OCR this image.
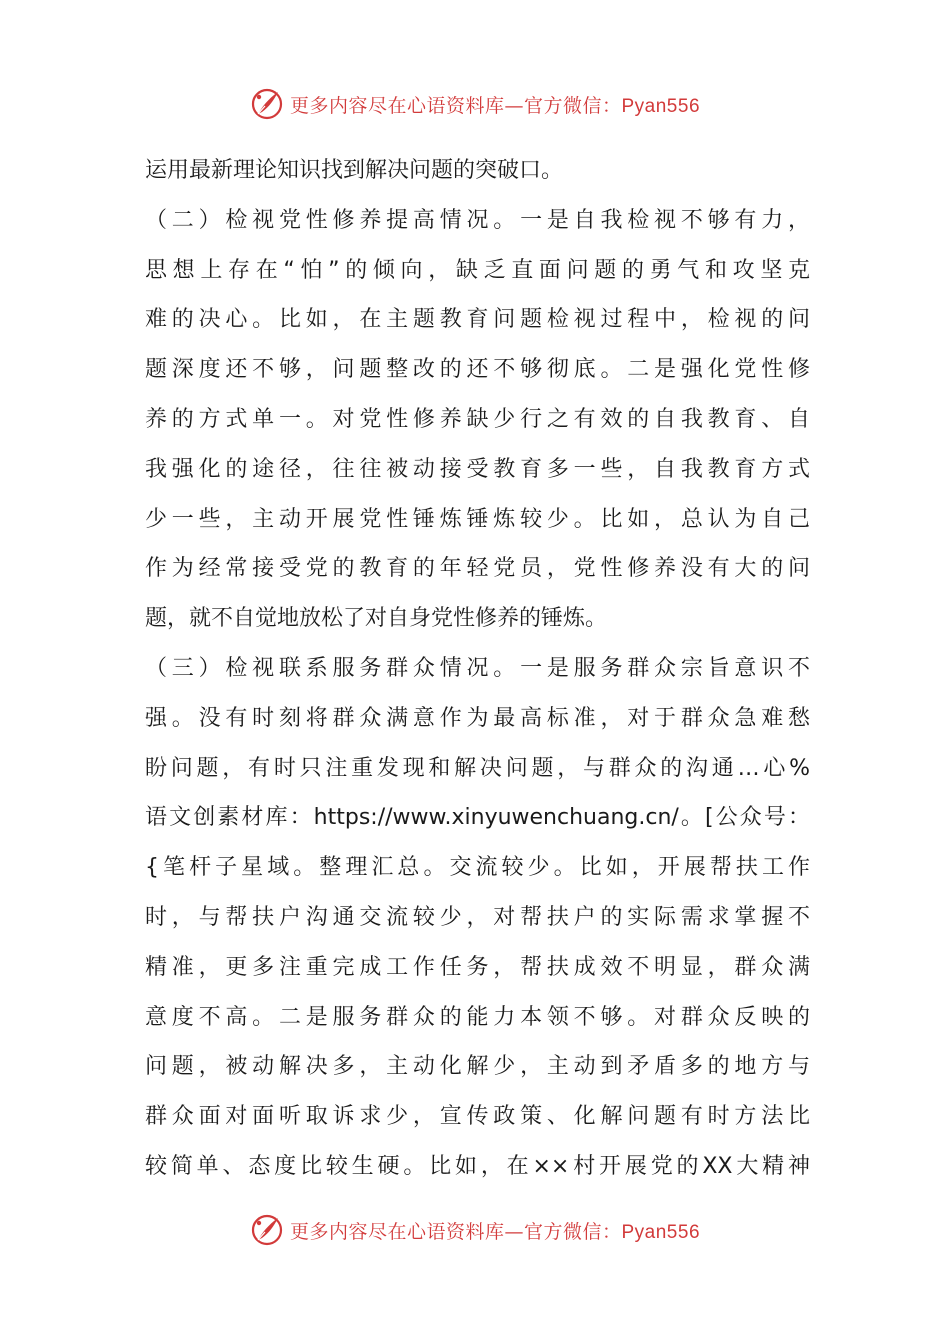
更多内容尽在心语资料库—官方微信：Pyan556
运用最新理论知识找到解决问题的突破口。
（二）检视党性修养提高情况。一是自我检视不够有力，
思想上存在“怕”的倾向，缺乏直面问题的勇气和攻坚克
难的决心。比如，在主题教育问题检视过程中，检视的问
题深度还不够，问题整改的还不够彻底。二是强化党性修
养的方式单一。对党性修养缺少行之有效的自我教育、自
我强化的途径，往往被动接受教育多一些，自我教育方式
少一些，主动开展党性锤炼锤炼较少。比如，总认为自己
作为经常接受党的教育的年轻党员，党性修养没有大的问
题，就不自觉地放松了对自身党性修养的锤炼。
（三）检视联系服务群众情况。一是服务群众宗旨意识不
强。没有时刻将群众满意作为最高标准，对于群众急难愁
盼问题，有时只注重发现和解决问题，与群众的沟通…心%
语文创素材库：https://www.xinyuwenchuang.cn/。[公众号：
{笔杆子星域。整理汇总。交流较少。比如，开展帮扶工作
时，与帮扶户沟通交流较少，对帮扶户的实际需求掌握不
精准，更多注重完成工作任务，帮扶成效不明显，群众满
意度不高。二是服务群众的能力本领不够。对群众反映的
问题，被动解决多，主动化解少，主动到矛盾多的地方与
群众面对面听取诉求少，宣传政策、化解问题有时方法比
较简单、态度比较生硬。比如，在××村开展党的XX大精神
更多内容尽在心语资料库—官方微信：Pyan556
